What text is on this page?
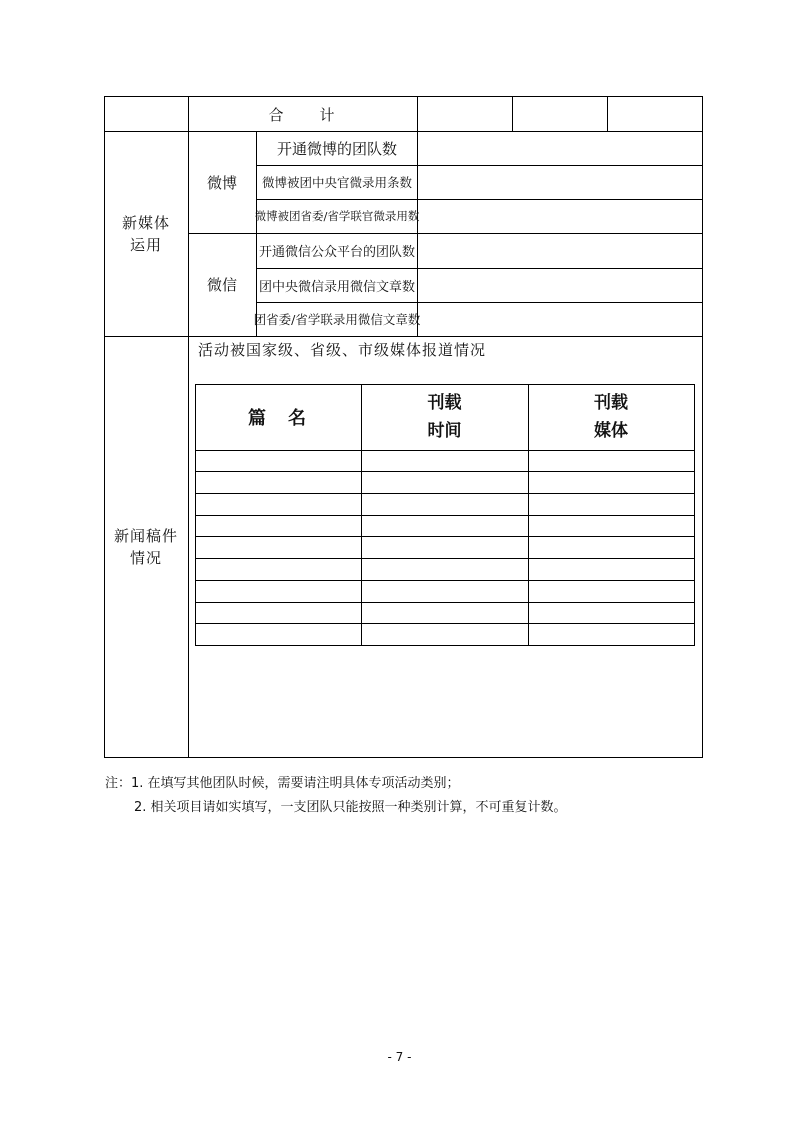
合　　计
新媒体
运用
微博
开通微博的团队数
微博被团中央官微录用条数
微博被团省委/省学联官微录用数
微信
开通微信公众平台的团队数
团中央微信录用微信文章数
团省委/省学联录用微信文章数
新闻稿件
情况
活动被国家级、省级、市级媒体报道情况
篇　名
刊载
时间
刊载
媒体
注：1. 在填写其他团队时候，需要请注明具体专项活动类别；
2. 相关项目请如实填写，一支团队只能按照一种类别计算，不可重复计数。
- 7 -
